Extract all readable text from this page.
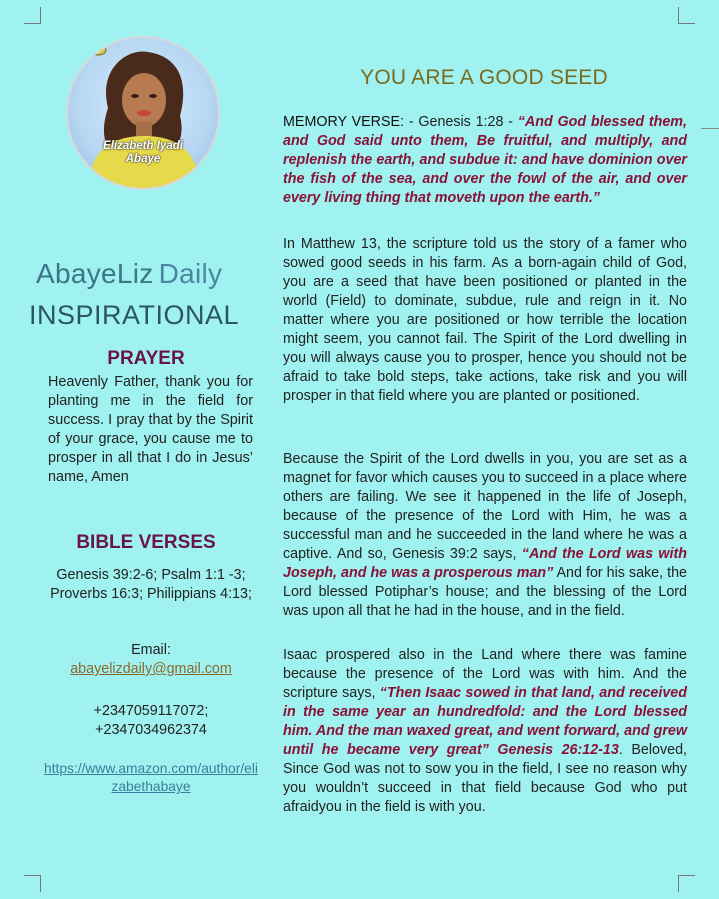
Elizabeth Iyadi
Abaye
AbayeLiz Daily
INSPIRATIONAL
PRAYER
Heavenly Father, thank you for planting me in the field for success. I pray that by the Spirit of your grace, you cause me to prosper in all that I do in Jesus’ name, Amen
BIBLE VERSES
Genesis 39:2-6; Psalm 1:1 -3; Proverbs 16:3; Philippians 4:13;
Email:
abayelizdaily@gmail.com
+2347059117072;
+2347034962374
https://www.amazon.com/author/elizabethabaye
YOU ARE A GOOD SEED
MEMORY VERSE: - Genesis 1:28 - “And God blessed them, and God said unto them, Be fruitful, and multiply, and replenish the earth, and subdue it: and have dominion over the fish of the sea, and over the fowl of the air, and over every living thing that moveth upon the earth.”
In Matthew 13, the scripture told us the story of a famer who sowed good seeds in his farm. As a born-again child of God, you are a seed that have been positioned or planted in the world (Field) to dominate, subdue, rule and reign in it. No matter where you are positioned or how terrible the location might seem, you cannot fail. The Spirit of the Lord dwelling in you will always cause you to prosper, hence you should not be afraid to take bold steps, take actions, take risk and you will prosper in that field where you are planted or positioned.
Because the Spirit of the Lord dwells in you, you are set as a magnet for favor which causes you to succeed in a place where others are failing. We see it happened in the life of Joseph, because of the presence of the Lord with Him, he was a successful man and he succeeded in the land where he was a captive. And so, Genesis 39:2 says, “And the Lord was with Joseph, and he was a prosperous man” And for his sake, the Lord blessed Potiphar’s house; and the blessing of the Lord was upon all that he had in the house, and in the field.
Isaac prospered also in the Land where there was famine because the presence of the Lord was with him. And the scripture says, “Then Isaac sowed in that land, and received in the same year an hundredfold: and the Lord blessed him. And the man waxed great, and went forward, and grew until he became very great” Genesis 26:12-13. Beloved, Since God was not to sow you in the field, I see no reason why you wouldn’t succeed in that field because God who put afraidyou in the field is with you.
